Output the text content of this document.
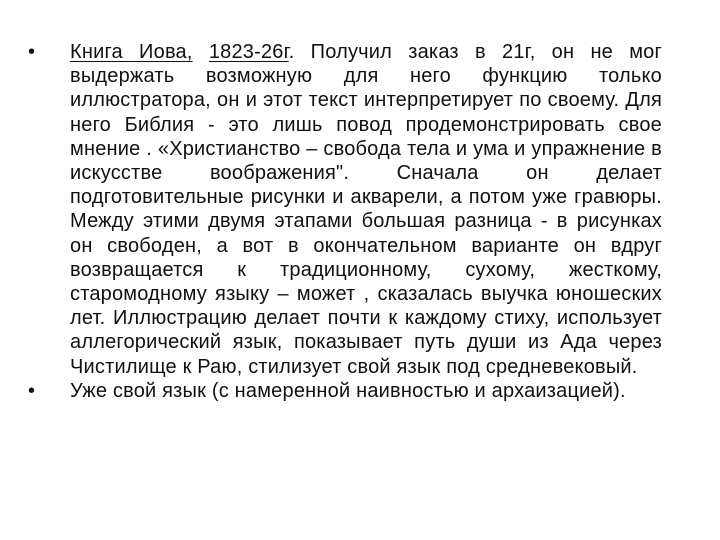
• Книга Иова, 1823-26г. Получил заказ в 21г, он не мог выдержать возможную для него функцию только иллюстратора, он и этот текст интерпретирует по своему. Для него Библия - это лишь повод продемонстрировать свое мнение . «Христианство – свобода тела и ума и упражнение в искусстве воображения". Сначала он делает подготовительные рисунки и акварели, а потом уже гравюры. Между этими двумя этапами большая разница - в рисунках он свободен, а вот в окончательном варианте он вдруг возвращается к традиционному, сухому, жесткому, старомодному языку – может , сказалась выучка юношеских лет. Иллюстрацию делает почти к каждому стиху, использует аллегорический язык, показывает путь души из Ада через Чистилище к Раю, стилизует свой язык под средневековый.
• Уже свой язык (с намеренной наивностью и архаизацией).
